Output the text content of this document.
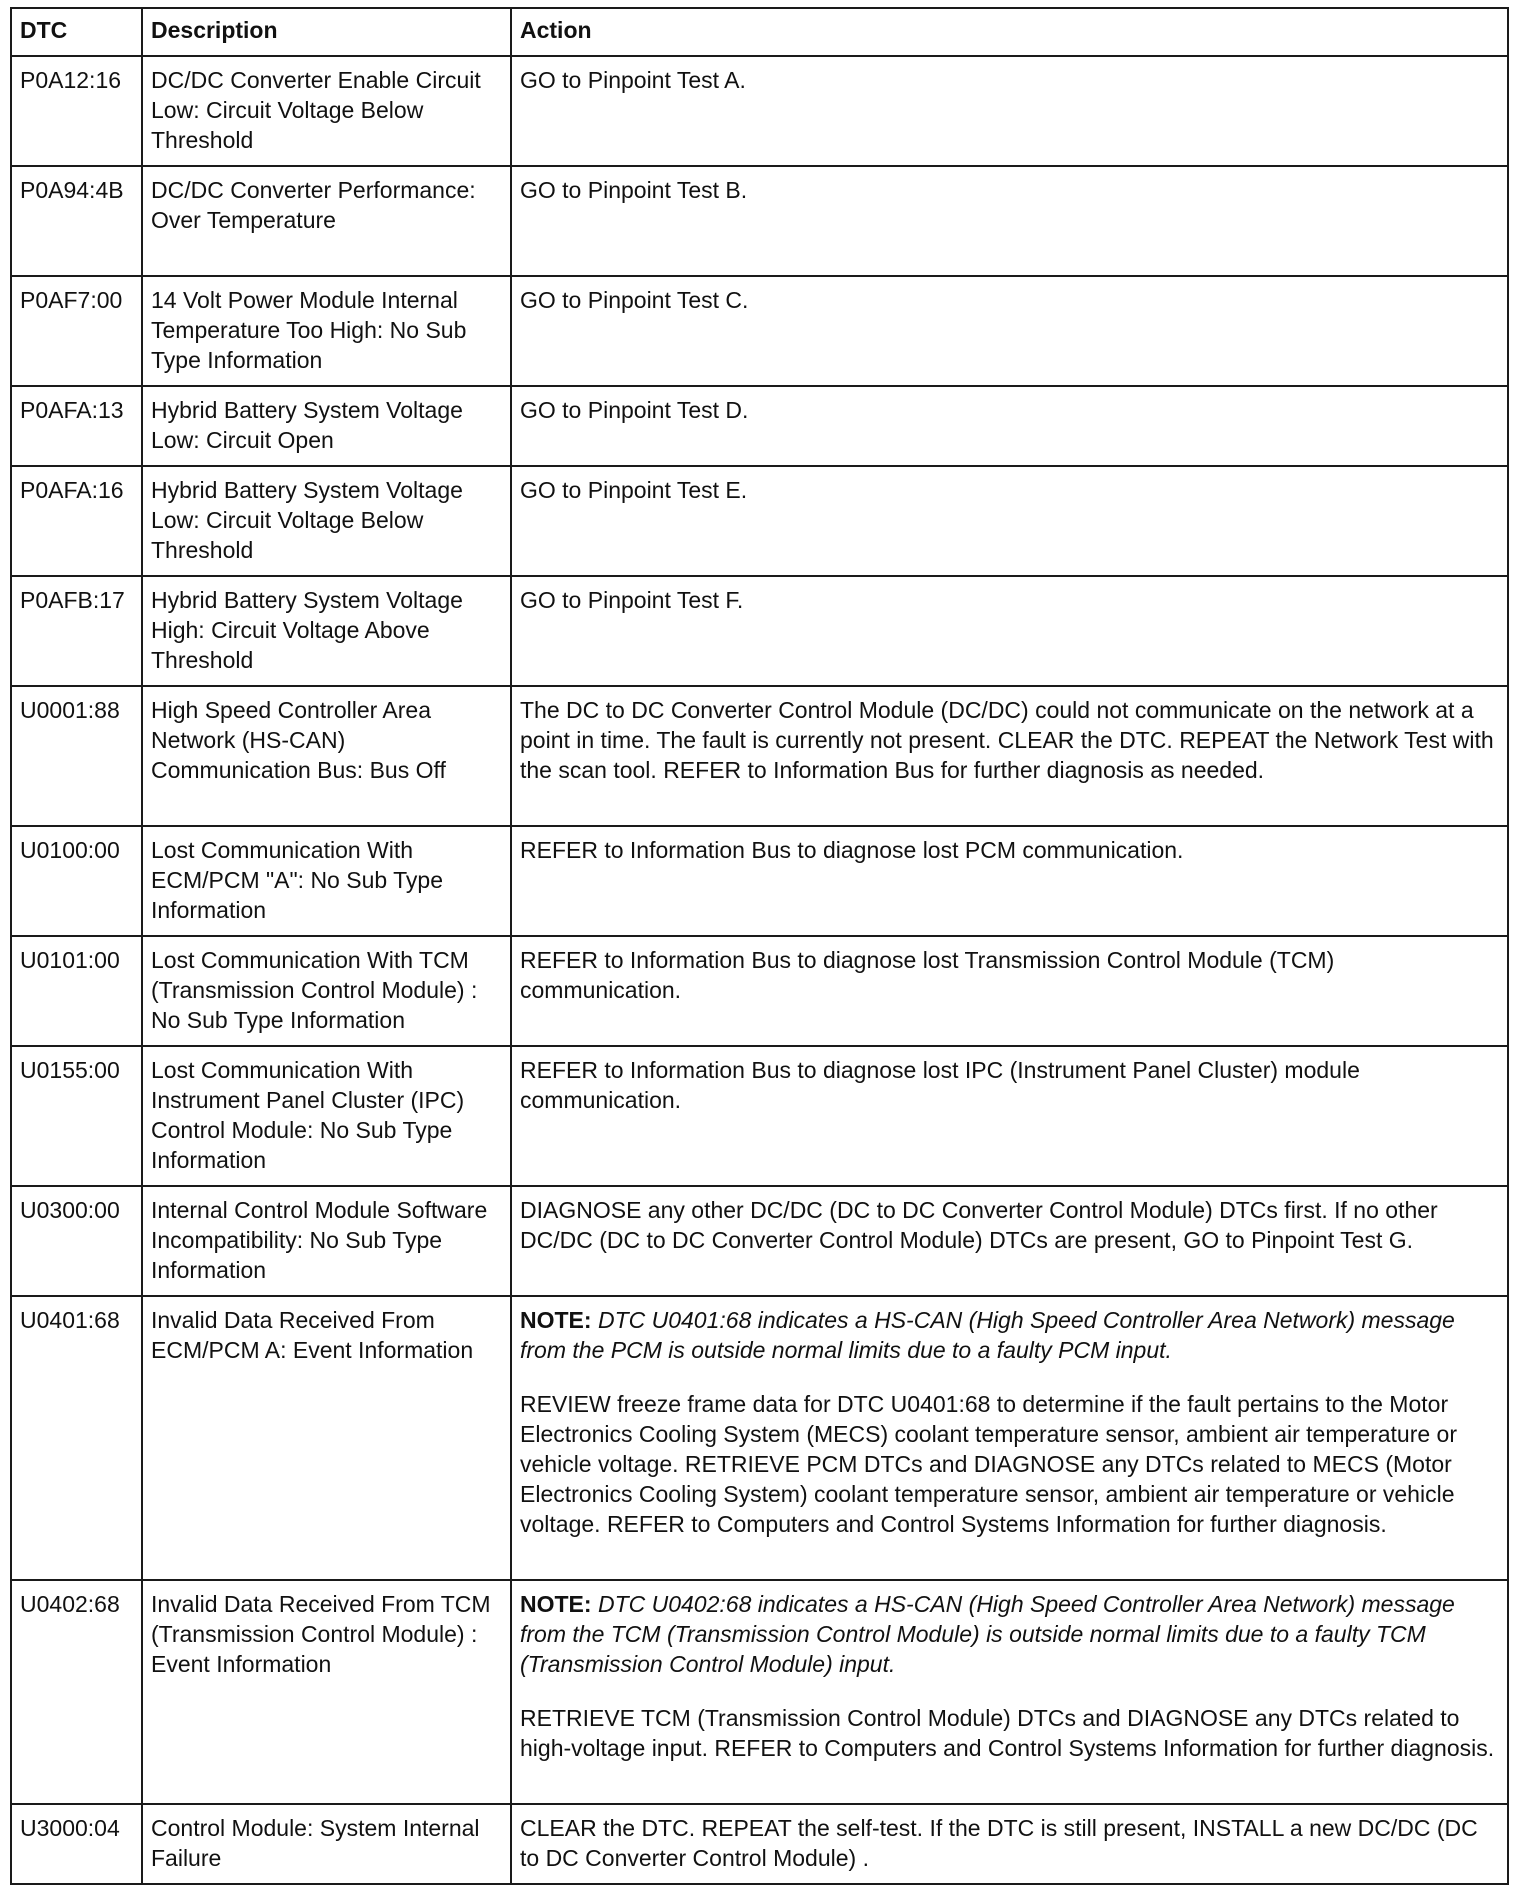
DTC	Description	Action
P0A12:16	DC/DC Converter Enable Circuit Low: Circuit Voltage Below Threshold	GO to Pinpoint Test A.
P0A94:4B	DC/DC Converter Performance: Over Temperature	GO to Pinpoint Test B.
P0AF7:00	14 Volt Power Module Internal Temperature Too High: No Sub Type Information	GO to Pinpoint Test C.
P0AFA:13	Hybrid Battery System Voltage Low: Circuit Open	GO to Pinpoint Test D.
P0AFA:16	Hybrid Battery System Voltage Low: Circuit Voltage Below Threshold	GO to Pinpoint Test E.
P0AFB:17	Hybrid Battery System Voltage High: Circuit Voltage Above Threshold	GO to Pinpoint Test F.
U0001:88	High Speed Controller Area Network (HS-CAN) Communication Bus: Bus Off	The DC to DC Converter Control Module (DC/DC) could not communicate on the network at a point in time. The fault is currently not present. CLEAR the DTC. REPEAT the Network Test with the scan tool. REFER to Information Bus for further diagnosis as needed.
U0100:00	Lost Communication With ECM/PCM "A": No Sub Type Information	REFER to Information Bus to diagnose lost PCM communication.
U0101:00	Lost Communication With TCM (Transmission Control Module) : No Sub Type Information	REFER to Information Bus to diagnose lost Transmission Control Module (TCM) communication.
U0155:00	Lost Communication With Instrument Panel Cluster (IPC) Control Module: No Sub Type Information	REFER to Information Bus to diagnose lost IPC (Instrument Panel Cluster) module communication.
U0300:00	Internal Control Module Software Incompatibility: No Sub Type Information	DIAGNOSE any other DC/DC (DC to DC Converter Control Module) DTCs first. If no other DC/DC (DC to DC Converter Control Module) DTCs are present, GO to Pinpoint Test G.
U0401:68	Invalid Data Received From ECM/PCM A: Event Information	NOTE: DTC U0401:68 indicates a HS-CAN (High Speed Controller Area Network) message from the PCM is outside normal limits due to a faulty PCM input.
REVIEW freeze frame data for DTC U0401:68 to determine if the fault pertains to the Motor Electronics Cooling System (MECS) coolant temperature sensor, ambient air temperature or vehicle voltage. RETRIEVE PCM DTCs and DIAGNOSE any DTCs related to MECS (Motor Electronics Cooling System) coolant temperature sensor, ambient air temperature or vehicle voltage. REFER to Computers and Control Systems Information for further diagnosis.

U0402:68	Invalid Data Received From TCM (Transmission Control Module) : Event Information	NOTE: DTC U0402:68 indicates a HS-CAN (High Speed Controller Area Network) message from the TCM (Transmission Control Module) is outside normal limits due to a faulty TCM (Transmission Control Module) input.
RETRIEVE TCM (Transmission Control Module) DTCs and DIAGNOSE any DTCs related to high-voltage input. REFER to Computers and Control Systems Information for further diagnosis.

U3000:04	Control Module: System Internal Failure	CLEAR the DTC. REPEAT the self-test. If the DTC is still present, INSTALL a new DC/DC (DC to DC Converter Control Module) .
